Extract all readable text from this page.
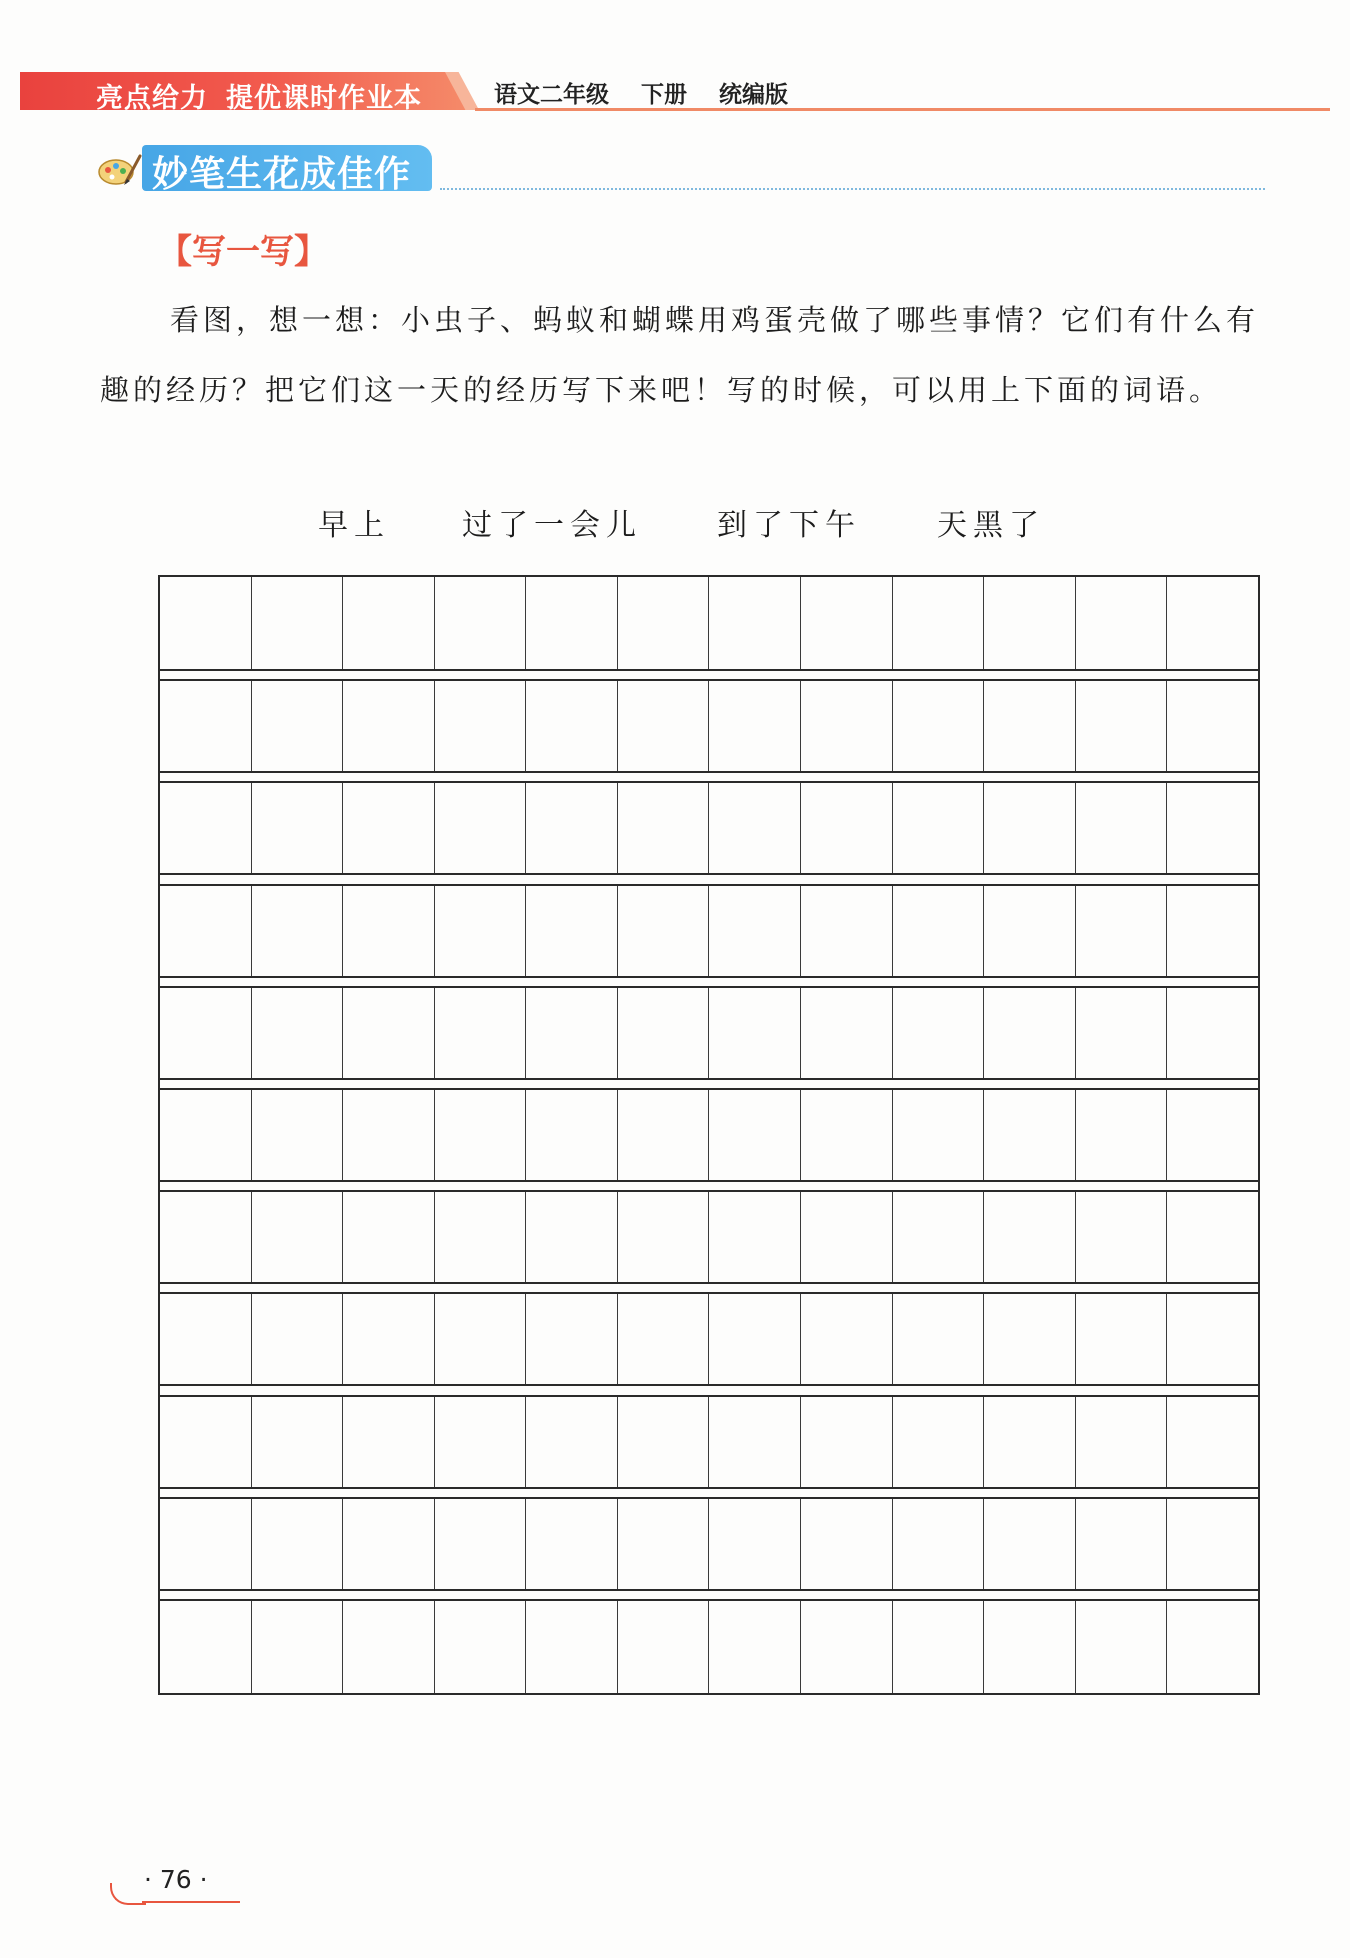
亮点给力 提优课时作业本	语文二年级 下册 统编版
妙笔生花成佳作
【写一写】

看图，想一想：小虫子、蚂蚁和蝴蝶用鸡蛋壳做了哪些事情？它们有什么有趣的经历？把它们这一天的经历写下来吧！写的时候，可以用上下面的词语。

早上 过了一会儿	到了下午	天黑了
· 76 ·
